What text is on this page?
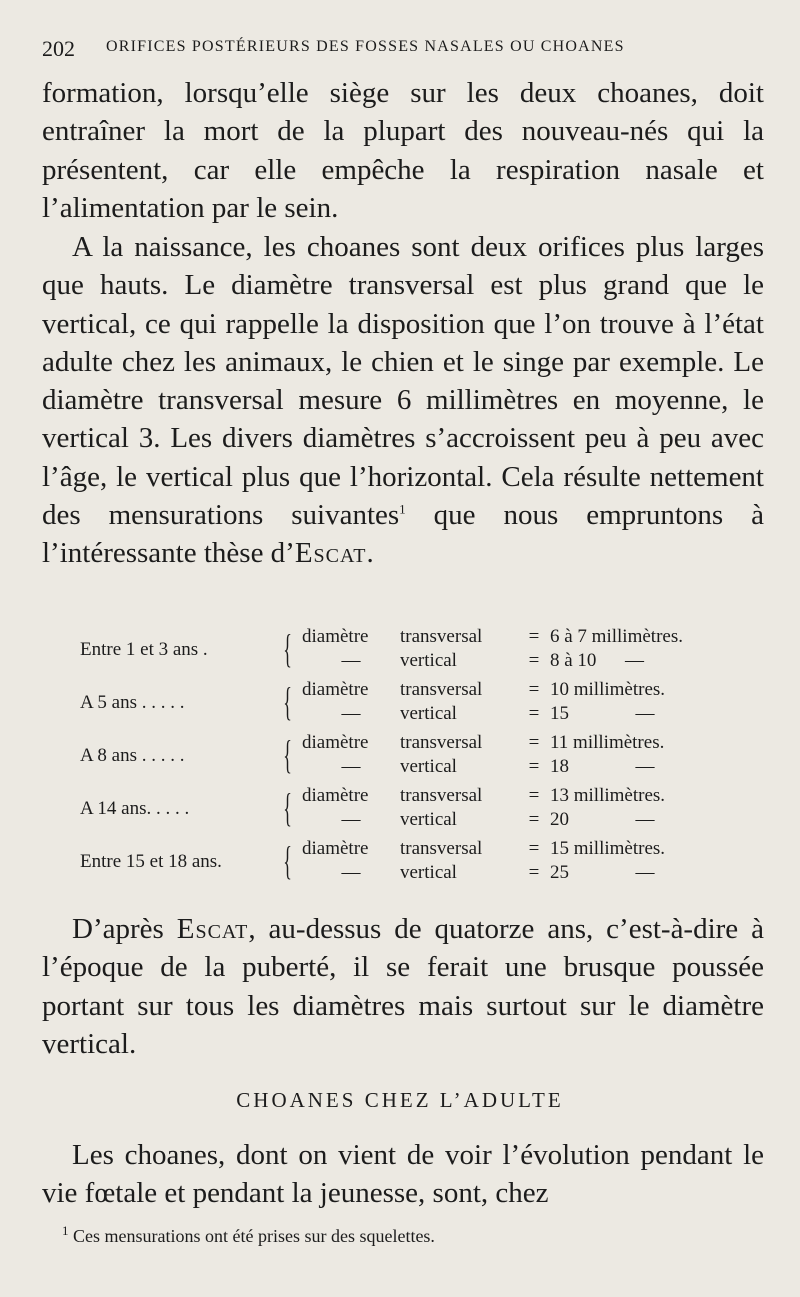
202 ORIFICES POSTÉRIEURS DES FOSSES NASALES OU CHOANES

formation, lorsqu’elle siège sur les deux choanes, doit entraîner la mort de la plupart des nouveau-nés qui la présentent, car elle empêche la respiration nasale et l’alimentation par le sein.

A la naissance, les choanes sont deux orifices plus larges que hauts. Le diamètre transversal est plus grand que le vertical, ce qui rappelle la disposition que l’on trouve à l’état adulte chez les animaux, le chien et le singe par exemple. Le diamètre transversal mesure 6 millimètres en moyenne, le vertical 3. Les divers diamètres s’accroissent peu à peu avec l’âge, le vertical plus que l’horizontal. Cela résulte nettement des mensurations suivantes$^1$ que nous empruntons à l’intéressante thèse d’Escat.

Entre 1 et 3 ans . { diamètre transversal = 6 à 7 millimètres.
— vertical	= 8 à 10 —
A 5 ans . . . . . { diamètre transversal = 10 millimètres.
— vertical	= 15	—
A 8 ans . . . . . { diamètre transversal = 11 millimètres.
— vertical	= 18	—
A 14 ans. . . . . { diamètre transversal = 13 millimètres.
— vertical	= 20	—
Entre 15 et 18 ans. { diamètre transversal = 15 millimètres.
— vertical	= 25	—

D’après Escat, au-dessus de quatorze ans, c’est-à-dire à l’époque de la puberté, il se ferait une brusque poussée portant sur tous les diamètres mais surtout sur le diamètre vertical.

CHOANES CHEZ L’ADULTE

Les choanes, dont on vient de voir l’évolution pendant le vie fœtale et pendant la jeunesse, sont, chez

$^1$ Ces mensurations ont été prises sur des squelettes.
